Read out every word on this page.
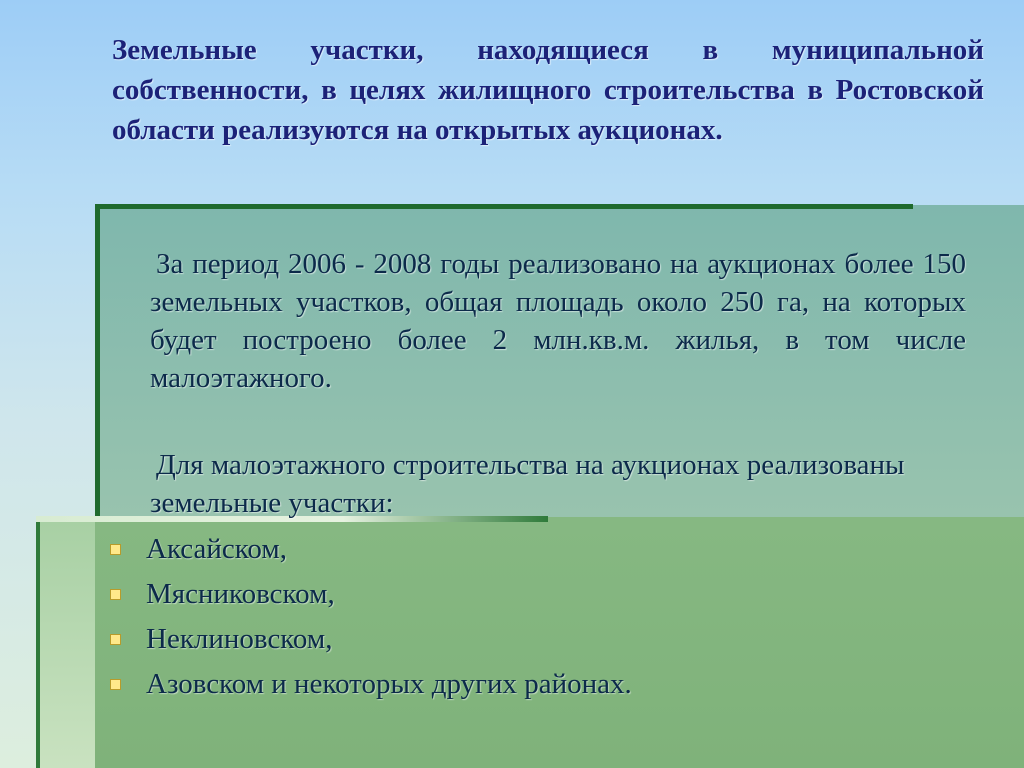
Земельные участки, находящиеся в муниципальной собственности, в целях жилищного строительства в Ростовской области реализуются на открытых аукционах.

За период 2006 - 2008 годы реализовано на аукционах более 150 земельных участков, общая площадь около 250 га, на которых будет построено более 2 млн.кв.м. жилья, в том числе малоэтажного.

Для малоэтажного строительства на аукционах реализованы земельные участки:

Аксайском,
Мясниковском,
Неклиновском,
Азовском и некоторых других районах.
